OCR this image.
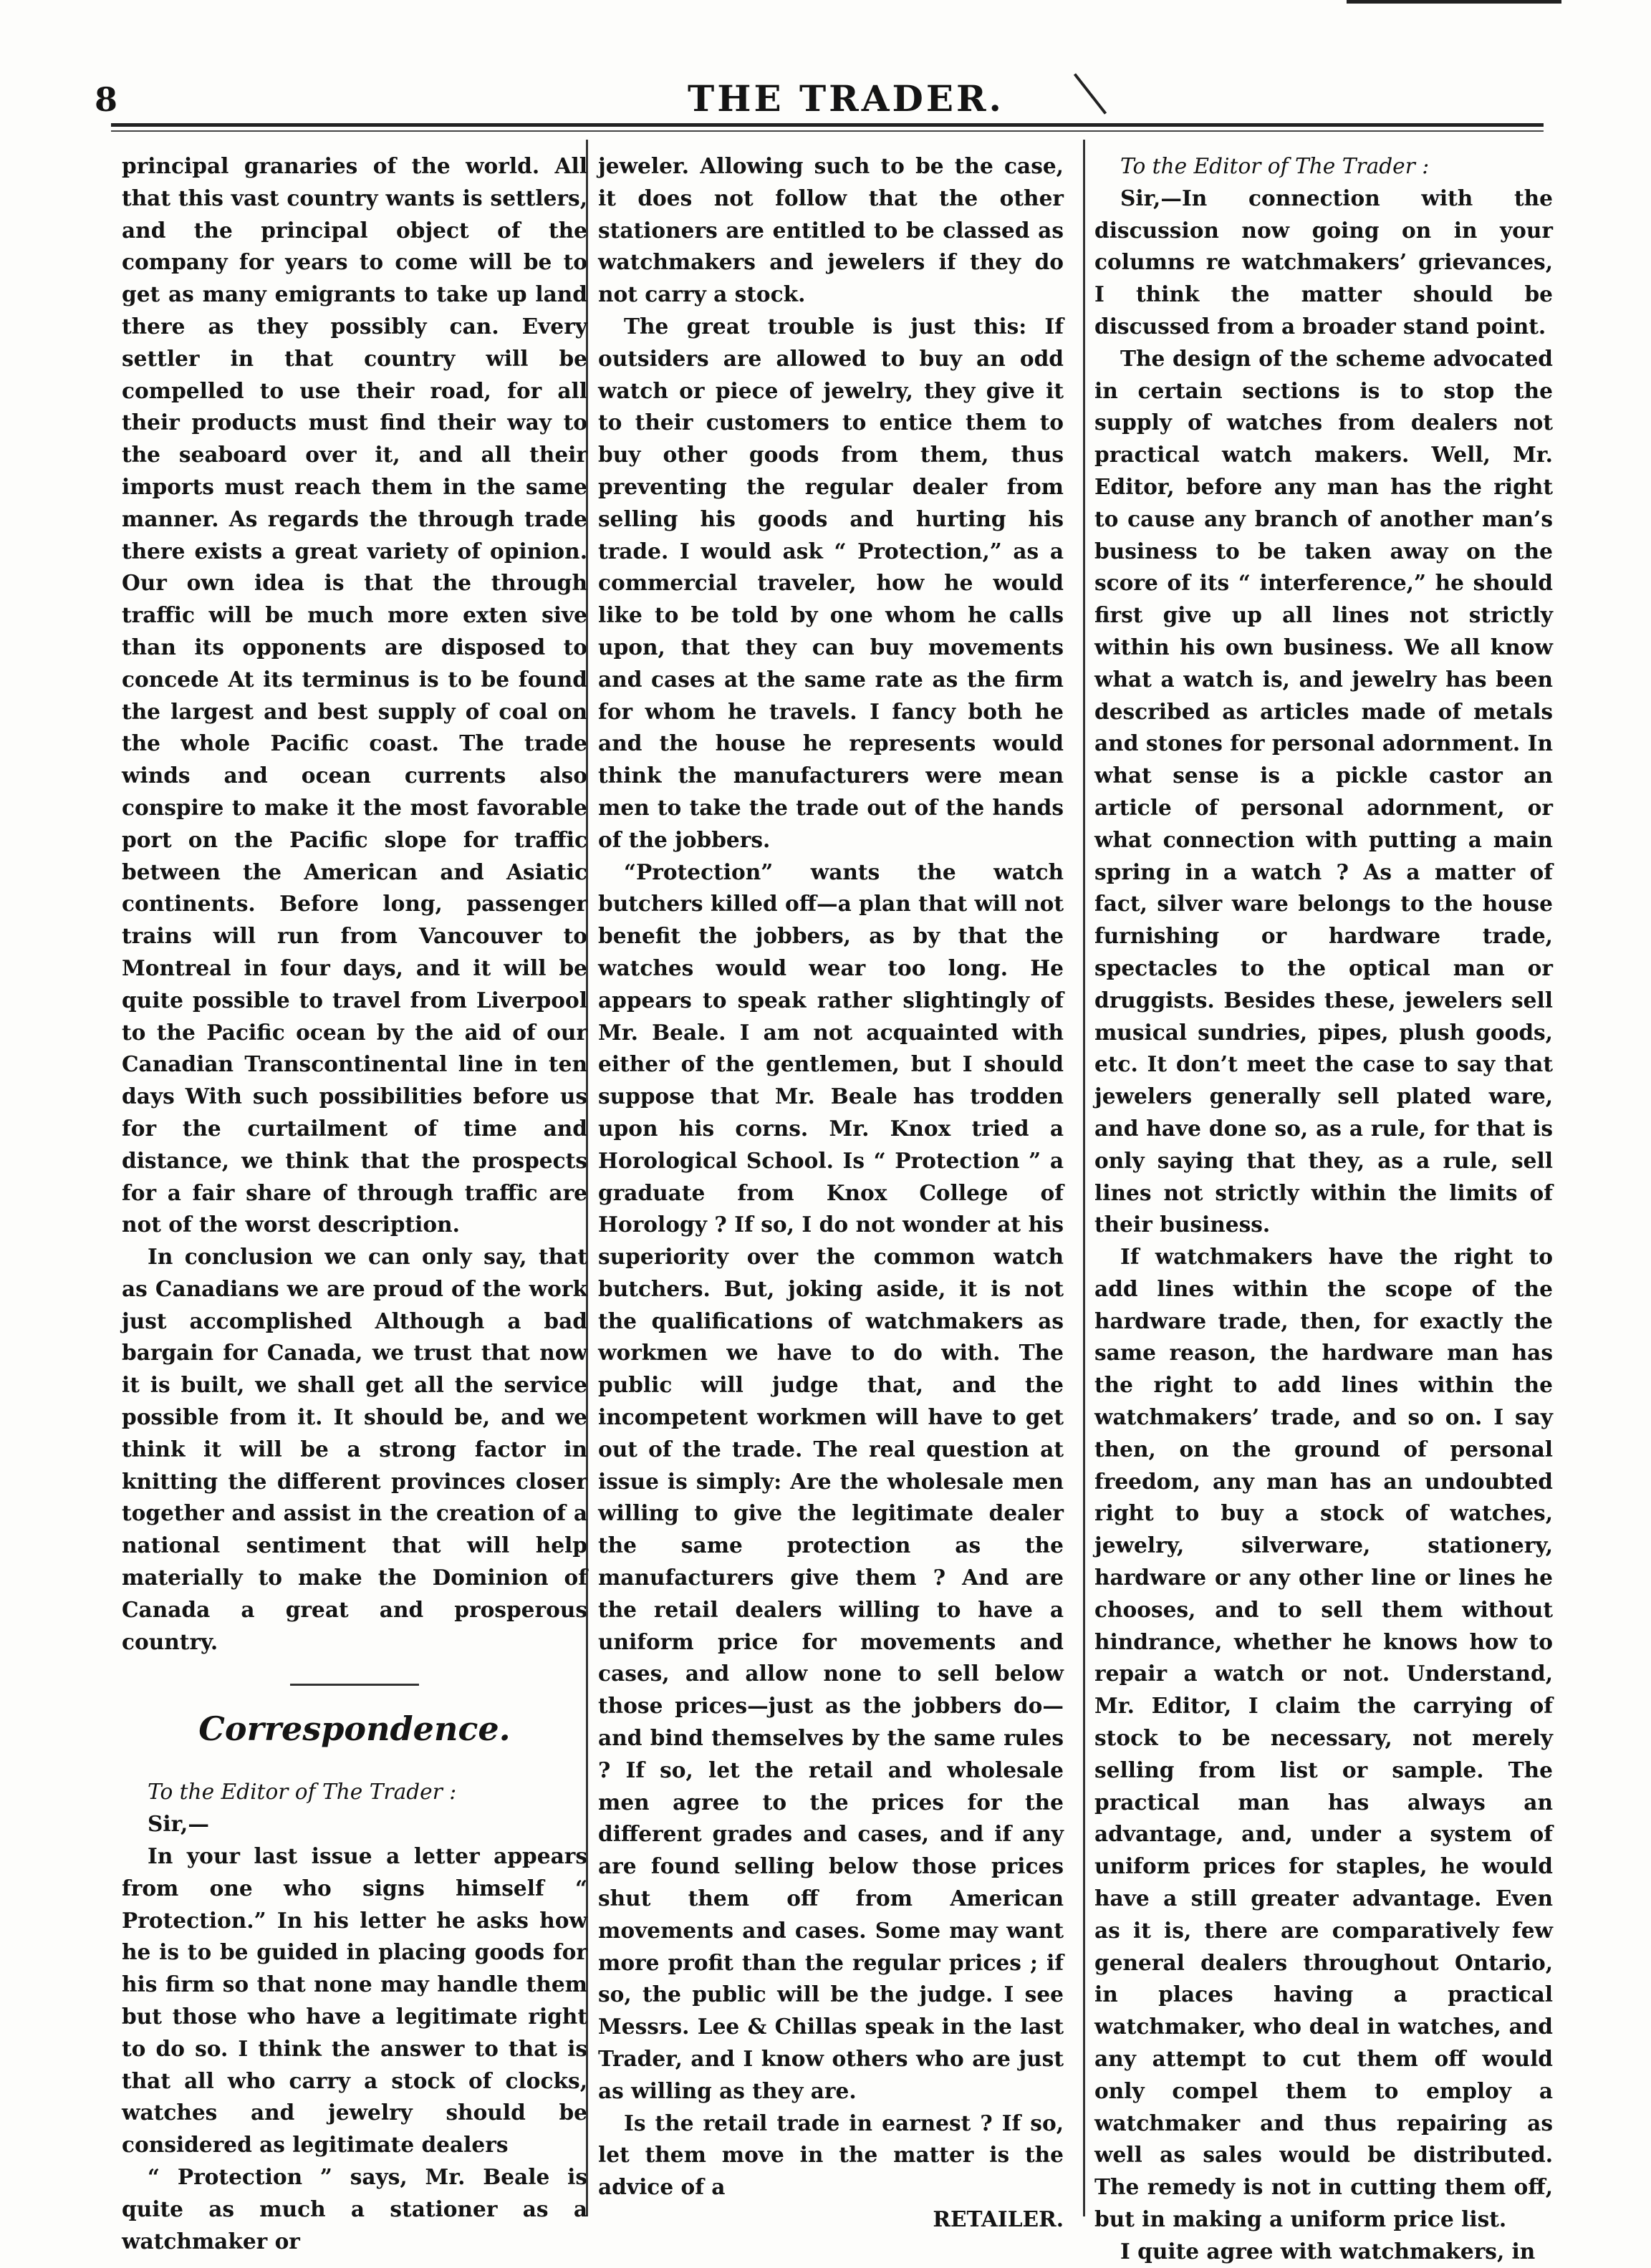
8	THE TRADER.

principal granaries of the world. All that this vast country wants is settlers, and the principal object of the company for years to come will be to get as many emigrants to take up land there as they possibly can. Every settler in that country will be compelled to use their road, for all their products must find their way to the seaboard over it, and all their imports must reach them in the same manner. As regards the through trade there exists a great variety of opinion. Our own idea is that the through traffic will be much more exten sive than its opponents are disposed to concede At its terminus is to be found the largest and best supply of coal on the whole Pacific coast. The trade winds and ocean currents also conspire to make it the most favorable port on the Pacific slope for traffic between the American and Asiatic continents. Before long, passenger trains will run from Vancouver to Montreal in four days, and it will be quite possible to travel from Liverpool to the Pacific ocean by the aid of our Canadian Transcontinental line in ten days With such possibilities before us for the curtailment of time and distance, we think that the prospects for a fair share of through traffic are not of the worst description.

In conclusion we can only say, that as Canadians we are proud of the work just accomplished Although a bad bargain for Canada, we trust that now it is built, we shall get all the service possible from it. It should be, and we think it will be a strong factor in knitting the different provinces closer together and assist in the creation of a national sentiment that will help materially to make the Dominion of Canada a great and prosperous country.

Correspondence.

To the Editor of The Trader :

Sir,—

In your last issue a letter appears from one who signs himself “ Protection.” In his letter he asks how he is to be guided in placing goods for his firm so that none may handle them but those who have a legitimate right to do so. I think the answer to that is that all who carry a stock of clocks, watches and jewelry should be considered as legitimate dealers

“ Protection ” says, Mr. Beale is quite as much a stationer as a watchmaker or

jeweler. Allowing such to be the case, it does not follow that the other stationers are entitled to be classed as watchmakers and jewelers if they do not carry a stock.

The great trouble is just this: If outsiders are allowed to buy an odd watch or piece of jewelry, they give it to their customers to entice them to buy other goods from them, thus preventing the regular dealer from selling his goods and hurting his trade. I would ask “ Protection,” as a commercial traveler, how he would like to be told by one whom he calls upon, that they can buy movements and cases at the same rate as the firm for whom he travels. I fancy both he and the house he represents would think the manufacturers were mean men to take the trade out of the hands of the jobbers.

“Protection” wants the watch butchers killed off—a plan that will not benefit the jobbers, as by that the watches would wear too long. He appears to speak rather slightingly of Mr. Beale. I am not acquainted with either of the gentlemen, but I should suppose that Mr. Beale has trodden upon his corns. Mr. Knox tried a Horological School. Is “ Protection ” a graduate from Knox College of Horology ? If so, I do not wonder at his superiority over the common watch butchers. But, joking aside, it is not the qualifications of watchmakers as workmen we have to do with. The public will judge that, and the incompetent workmen will have to get out of the trade. The real question at issue is simply: Are the wholesale men willing to give the legitimate dealer the same protection as the manufacturers give them ? And are the retail dealers willing to have a uniform price for movements and cases, and allow none to sell below those prices—just as the jobbers do—and bind themselves by the same rules ? If so, let the retail and wholesale men agree to the prices for the different grades and cases, and if any are found selling below those prices shut them off from American movements and cases. Some may want more profit than the regular prices ; if so, the public will be the judge. I see Messrs. Lee & Chillas speak in the last Trader, and I know others who are just as willing as they are.

Is the retail trade in earnest ? If so, let them move in the matter is the advice of a

RETAILER.

To the Editor of The Trader :

Sir,—In connection with the discussion now going on in your columns re watchmakers’ grievances, I think the matter should be discussed from a broader stand point.

The design of the scheme advocated in certain sections is to stop the supply of watches from dealers not practical watch makers. Well, Mr. Editor, before any man has the right to cause any branch of another man’s business to be taken away on the score of its “ interference,” he should first give up all lines not strictly within his own business. We all know what a watch is, and jewelry has been described as articles made of metals and stones for personal adornment. In what sense is a pickle castor an article of personal adornment, or what connection with putting a main spring in a watch ? As a matter of fact, silver ware belongs to the house furnishing or hardware trade, spectacles to the optical man or druggists. Besides these, jewelers sell musical sundries, pipes, plush goods, etc. It don’t meet the case to say that jewelers generally sell plated ware, and have done so, as a rule, for that is only saying that they, as a rule, sell lines not strictly within the limits of their business.

If watchmakers have the right to add lines within the scope of the hardware trade, then, for exactly the same reason, the hardware man has the right to add lines within the watchmakers’ trade, and so on. I say then, on the ground of personal freedom, any man has an undoubted right to buy a stock of watches, jewelry, silverware, stationery, hardware or any other line or lines he chooses, and to sell them without hindrance, whether he knows how to repair a watch or not. Understand, Mr. Editor, I claim the carrying of stock to be necessary, not merely selling from list or sample. The practical man has always an advantage, and, under a system of uniform prices for staples, he would have a still greater advantage. Even as it is, there are comparatively few general dealers throughout Ontario, in places having a practical watchmaker, who deal in watches, and any attempt to cut them off would only compel them to employ a watchmaker and thus repairing as well as sales would be distributed. The remedy is not in cutting them off, but in making a uniform price list.

I quite agree with watchmakers, in
